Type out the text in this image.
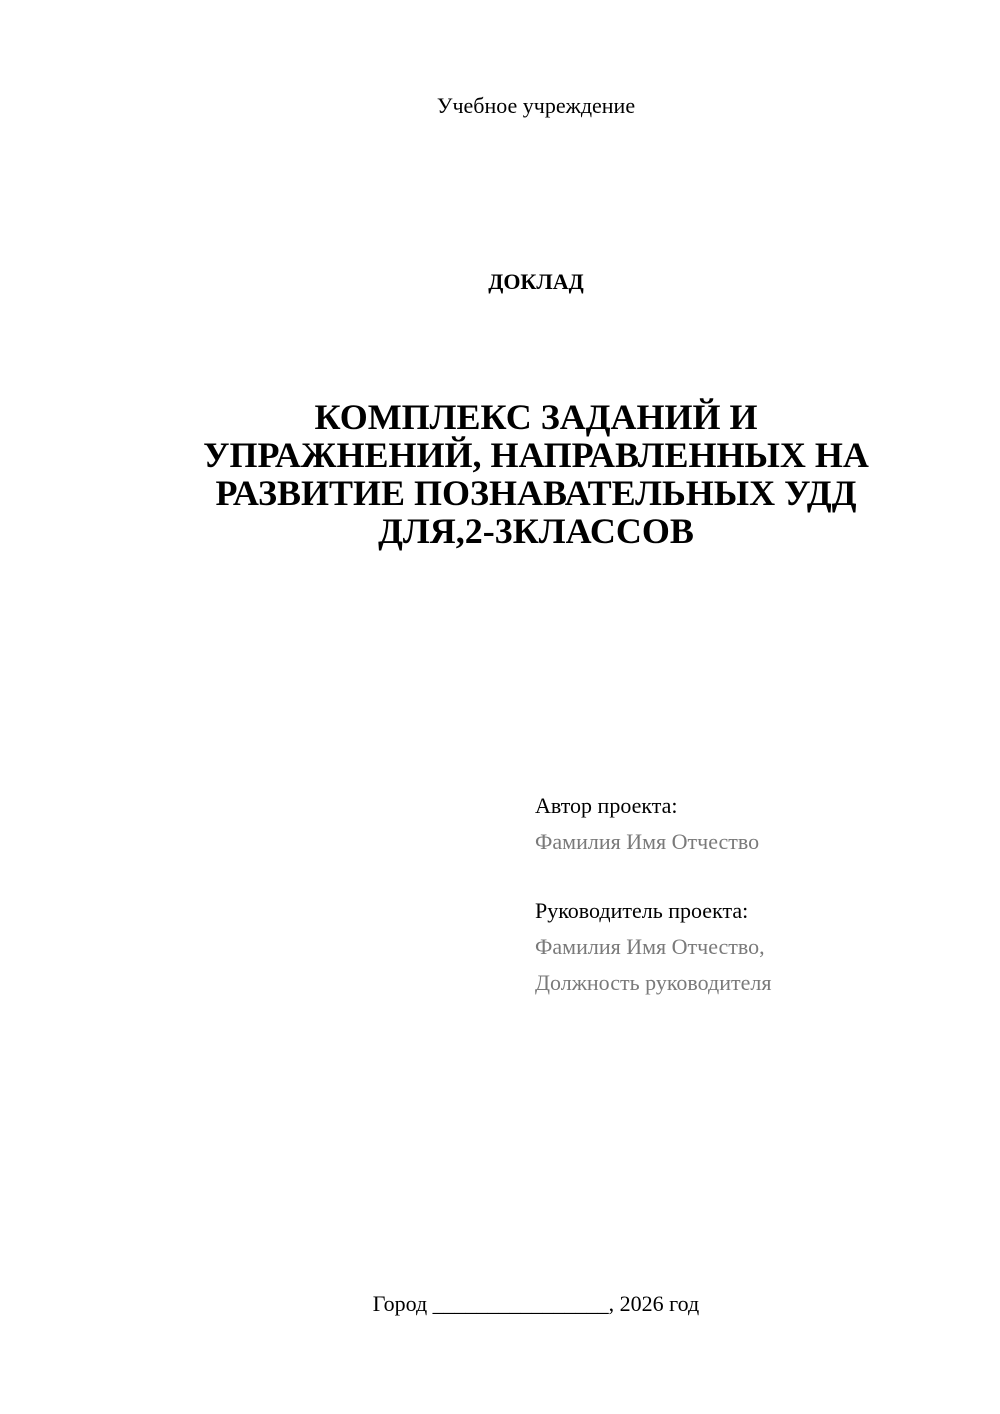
Учебное учреждение
ДОКЛАД
КОМПЛЕКС ЗАДАНИЙ И
УПРАЖНЕНИЙ, НАПРАВЛЕННЫХ НА
РАЗВИТИЕ ПОЗНАВАТЕЛЬНЫХ УДД
ДЛЯ,2-3КЛАССОВ
Автор проекта:
Фамилия Имя Отчество
Руководитель проекта:
Фамилия Имя Отчество,
Должность руководителя
Город ________________, 2026 год
